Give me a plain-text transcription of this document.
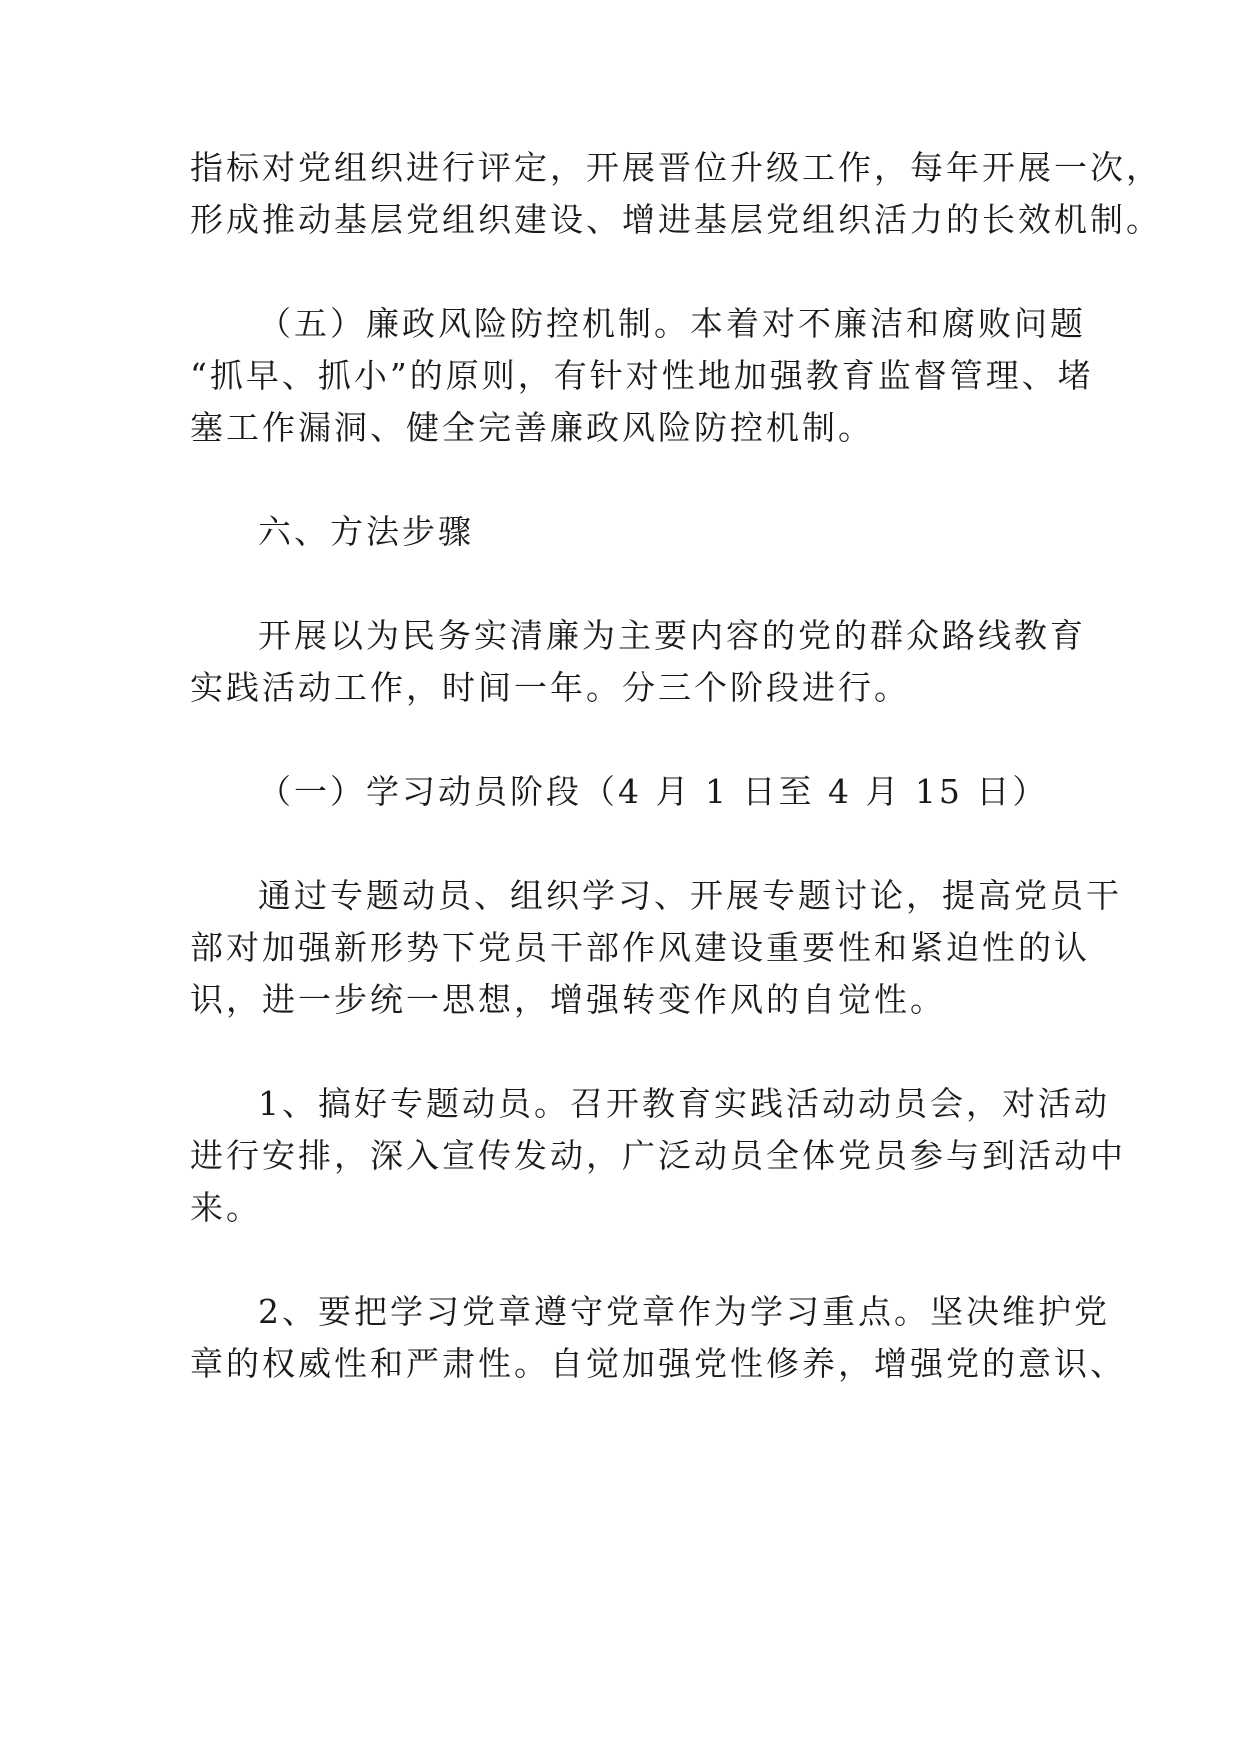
指标对党组织进行评定，开展晋位升级工作，每年开展一次，
形成推动基层党组织建设、增进基层党组织活力的长效机制。
（五）廉政风险防控机制。本着对不廉洁和腐败问题
“抓早、抓小”的原则，有针对性地加强教育监督管理、堵
塞工作漏洞、健全完善廉政风险防控机制。
六、方法步骤
开展以为民务实清廉为主要内容的党的群众路线教育
实践活动工作，时间一年。分三个阶段进行。
（一）学习动员阶段（4 月 1 日至 4 月 15 日）
通过专题动员、组织学习、开展专题讨论，提高党员干
部对加强新形势下党员干部作风建设重要性和紧迫性的认
识，进一步统一思想，增强转变作风的自觉性。
1、搞好专题动员。召开教育实践活动动员会，对活动
进行安排，深入宣传发动，广泛动员全体党员参与到活动中
来。
2、要把学习党章遵守党章作为学习重点。坚决维护党
章的权威性和严肃性。自觉加强党性修养，增强党的意识、
